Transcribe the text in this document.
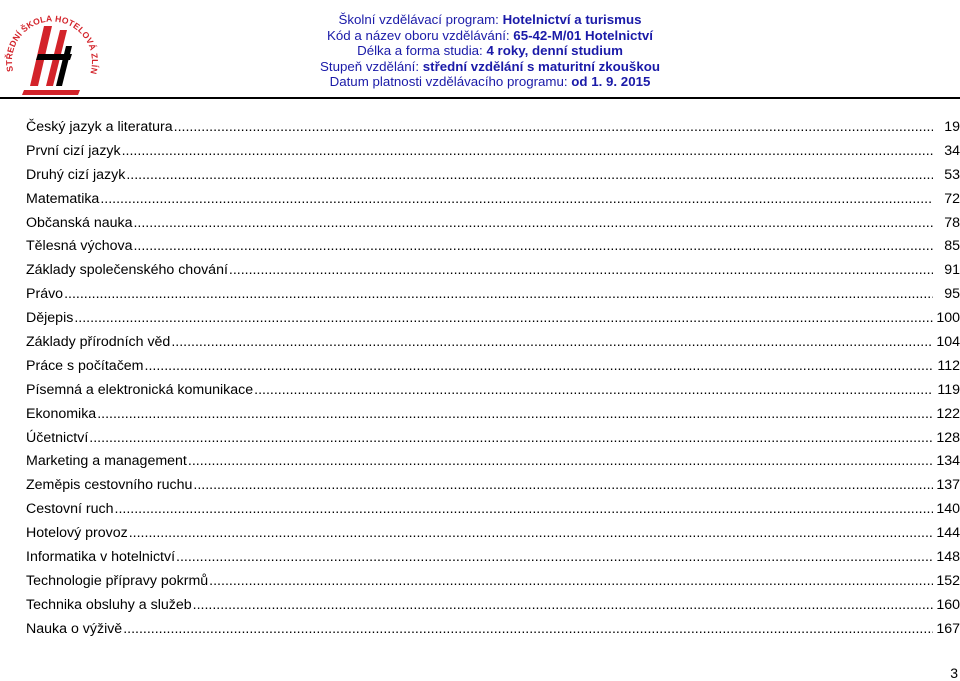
STŘEDNÍ ŠKOLA HOTELOVÁ ZLÍN
Školní vzdělávací program: Hotelnictví a turismus
Kód a název oboru vzdělávání: 65-42-M/01 Hotelnictví
Délka a forma studia: 4 roky, denní studium
Stupeň vzdělání: střední vzdělání s maturitní zkouškou
Datum platnosti vzdělávacího programu: od 1. 9. 2015
Český jazyk a literatura .....	19
První cizí jazyk .....	34
Druhý cizí jazyk .....	53
Matematika .....	72
Občanská nauka .....	78
Tělesná výchova .....	85
Základy společenského chování .....	91
Právo .....	95
Dějepis .....	100
Základy přírodních věd .....	104
Práce s počítačem .....	112
Písemná a elektronická komunikace .....	119
Ekonomika .....	122
Účetnictví .....	128
Marketing a management .....	134
Zeměpis cestovního ruchu .....	137
Cestovní ruch .....	140
Hotelový provoz .....	144
Informatika v hotelnictví .....	148
Technologie přípravy pokrmů .....	152
Technika obsluhy a služeb .....	160
Nauka o výživě .....	167
3
